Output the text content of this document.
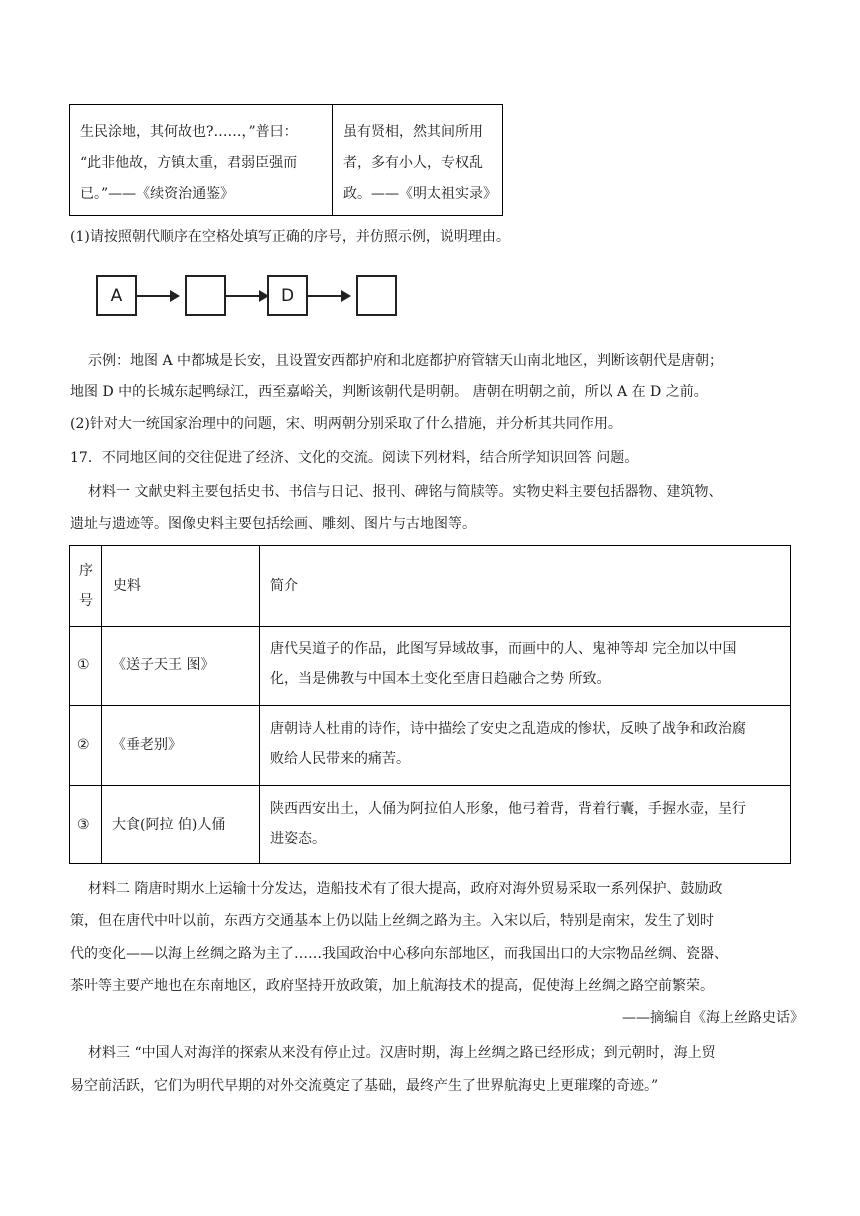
生民涂地，其何故也?……，”普曰：
“此非他故，方镇太重，君弱臣强而
已。”——《续资治通鉴》
虽有贤相，然其间所用
者，多有小人，专权乱
政。——《明太祖实录》
(1)请按照朝代顺序在空格处填写正确的序号，并仿照示例，说明理由。
A	D
示例：地图 A 中都城是长安，且设置安西都护府和北庭都护府管辖天山南北地区，判断该朝代是唐朝；
地图 D 中的长城东起鸭绿江，西至嘉峪关，判断该朝代是明朝。 唐朝在明朝之前，所以 A 在 D 之前。
(2)针对大一统国家治理中的问题，宋、明两朝分别采取了什么措施，并分析其共同作用。
17．不同地区间的交往促进了经济、文化的交流。阅读下列材料，结合所学知识回答 问题。
材料一 文献史料主要包括史书、书信与日记、报刊、碑铭与简牍等。实物史料主要包括器物、建筑物、
遗址与遗迹等。图像史料主要包括绘画、雕刻、图片与古地图等。
序
号
史料	简介
① 《送子天王 图》
唐代吴道子的作品，此图写异域故事，而画中的人、鬼神等却 完全加以中国
化，当是佛教与中国本土变化至唐日趋融合之势 所致。
② 《垂老别》
唐朝诗人杜甫的诗作，诗中描绘了安史之乱造成的惨状，反映了战争和政治腐
败给人民带来的痛苦。
③ 大食(阿拉 伯)人俑
陕西西安出土，人俑为阿拉伯人形象，他弓着背，背着行囊，手握水壶，呈行
进姿态。
材料二 隋唐时期水上运输十分发达，造船技术有了很大提高，政府对海外贸易采取一系列保护、鼓励政
策，但在唐代中叶以前，东西方交通基本上仍以陆上丝绸之路为主。入宋以后，特别是南宋，发生了划时
代的变化——以海上丝绸之路为主了……我国政治中心移向东部地区，而我国出口的大宗物品丝绸、瓷器、
茶叶等主要产地也在东南地区，政府坚持开放政策，加上航海技术的提高，促使海上丝绸之路空前繁荣。
——摘编自《海上丝路史话》
材料三 “中国人对海洋的探索从来没有停止过。汉唐时期，海上丝绸之路已经形成；到元朝时，海上贸
易空前活跃，它们为明代早期的对外交流奠定了基础，最终产生了世界航海史上更璀璨的奇迹。”
